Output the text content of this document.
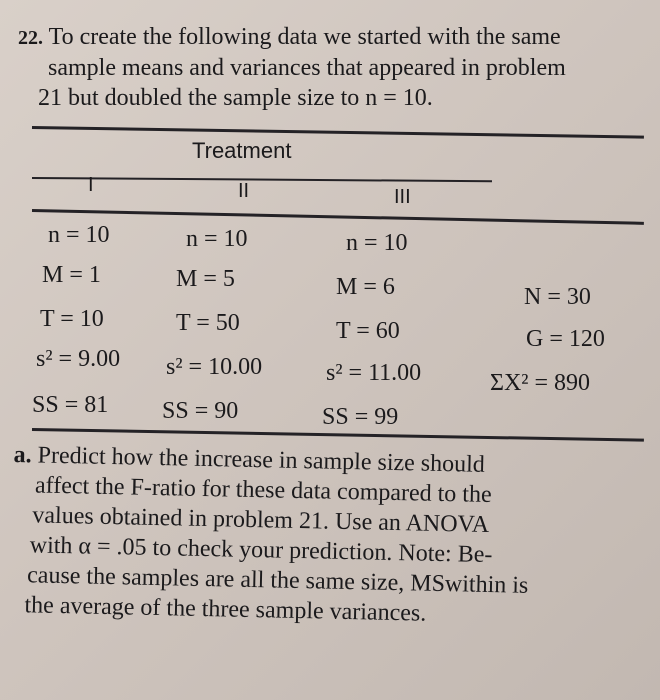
22. To create the following data we started with the same
sample means and variances that appeared in problem
21 but doubled the sample size to n = 10.
Treatment
I	II	III
n = 10
M = 1
T = 10
s² = 9.00
SS = 81
n = 10
M = 5
T = 50
s² = 10.00
SS = 90
n = 10
M = 6
T = 60
s² = 11.00
SS = 99
N = 30
G = 120
ΣX² = 890
a. Predict how the increase in sample size should
affect the F-ratio for these data compared to the
values obtained in problem 21. Use an ANOVA
with α = .05 to check your prediction. Note: Be-
cause the samples are all the same size, MSwithin is
the average of the three sample variances.
